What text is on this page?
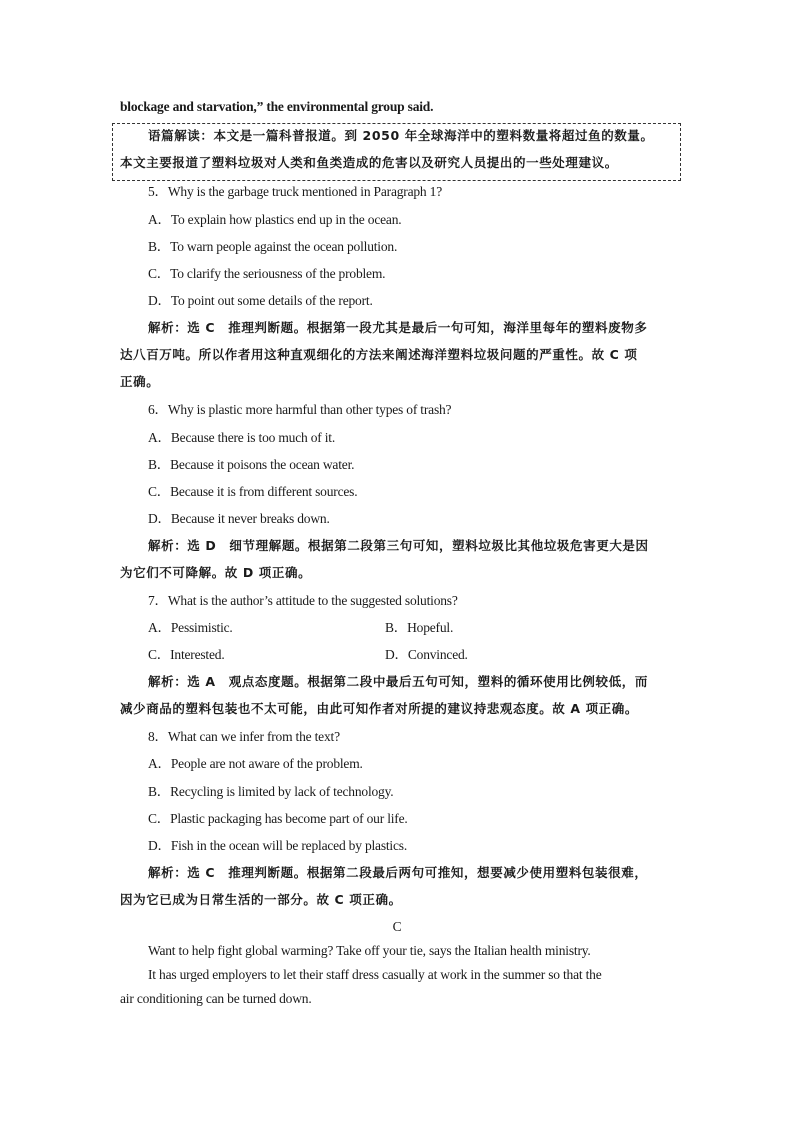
blockage and starvation,” the environmental group said.
语篇解读：本文是一篇科普报道。到 2050 年全球海洋中的塑料数量将超过鱼的数量。
本文主要报道了塑料垃圾对人类和鱼类造成的危害以及研究人员提出的一些处理建议。
5．Why is the garbage truck mentioned in Paragraph 1?
A．To explain how plastics end up in the ocean.
B．To warn people against the ocean pollution.
C．To clarify the seriousness of the problem.
D．To point out some details of the report.
解析：选 C　推理判断题。根据第一段尤其是最后一句可知，海洋里每年的塑料废物多
达八百万吨。所以作者用这种直观细化的方法来阐述海洋塑料垃圾问题的严重性。故 C 项
正确。
6．Why is plastic more harmful than other types of trash?
A．Because there is too much of it.
B．Because it poisons the ocean water.
C．Because it is from different sources.
D．Because it never breaks down.
解析：选 D　细节理解题。根据第二段第三句可知，塑料垃圾比其他垃圾危害更大是因
为它们不可降解。故 D 项正确。
7．What is the author’s attitude to the suggested solutions?
A．Pessimistic.	B．Hopeful.
C．Interested.	D．Convinced.
解析：选 A　观点态度题。根据第二段中最后五句可知，塑料的循环使用比例较低，而
减少商品的塑料包装也不太可能，由此可知作者对所提的建议持悲观态度。故 A 项正确。
8．What can we infer from the text?
A．People are not aware of the problem.
B．Recycling is limited by lack of technology.
C．Plastic packaging has become part of our life.
D．Fish in the ocean will be replaced by plastics.
解析：选 C　推理判断题。根据第二段最后两句可推知，想要减少使用塑料包装很难，
因为它已成为日常生活的一部分。故 C 项正确。
C
Want to help fight global warming? Take off your tie, says the Italian health ministry.
It has urged employers to let their staff dress casually at work in the summer so that the
air conditioning can be turned down.
